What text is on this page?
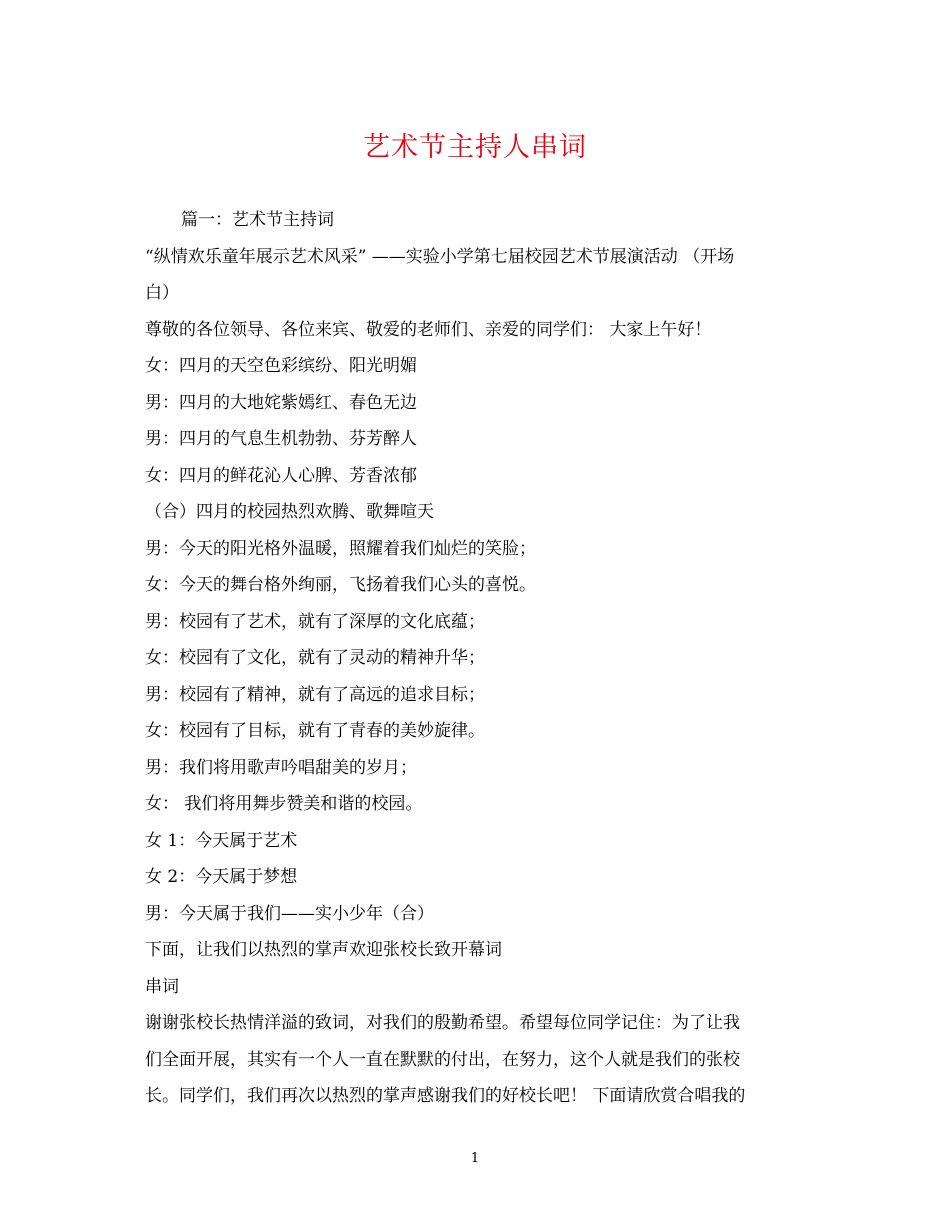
艺术节主持人串词
篇一：艺术节主持词
“纵情欢乐童年展示艺术风采” ——实验小学第七届校园艺术节展演活动 （开场
白）
尊敬的各位领导、各位来宾、敬爱的老师们、亲爱的同学们： 大家上午好！
女：四月的天空色彩缤纷、阳光明媚
男：四月的大地姹紫嫣红、春色无边
男：四月的气息生机勃勃、芬芳醉人
女：四月的鲜花沁人心脾、芳香浓郁
（合）四月的校园热烈欢腾、歌舞喧天
男：今天的阳光格外温暖，照耀着我们灿烂的笑脸；
女：今天的舞台格外绚丽，飞扬着我们心头的喜悦。
男：校园有了艺术，就有了深厚的文化底蕴；
女：校园有了文化，就有了灵动的精神升华；
男：校园有了精神，就有了高远的追求目标；
女：校园有了目标，就有了青春的美妙旋律。
男：我们将用歌声吟唱甜美的岁月；
女： 我们将用舞步赞美和谐的校园。
女 1：今天属于艺术
女 2：今天属于梦想
男：今天属于我们——实小少年（合）
下面，让我们以热烈的掌声欢迎张校长致开幕词
串词
谢谢张校长热情洋溢的致词，对我们的殷勤希望。希望每位同学记住：为了让我
们全面开展，其实有一个人一直在默默的付出，在努力，这个人就是我们的张校
长。同学们，我们再次以热烈的掌声感谢我们的好校长吧！ 下面请欣赏合唱我的
1
